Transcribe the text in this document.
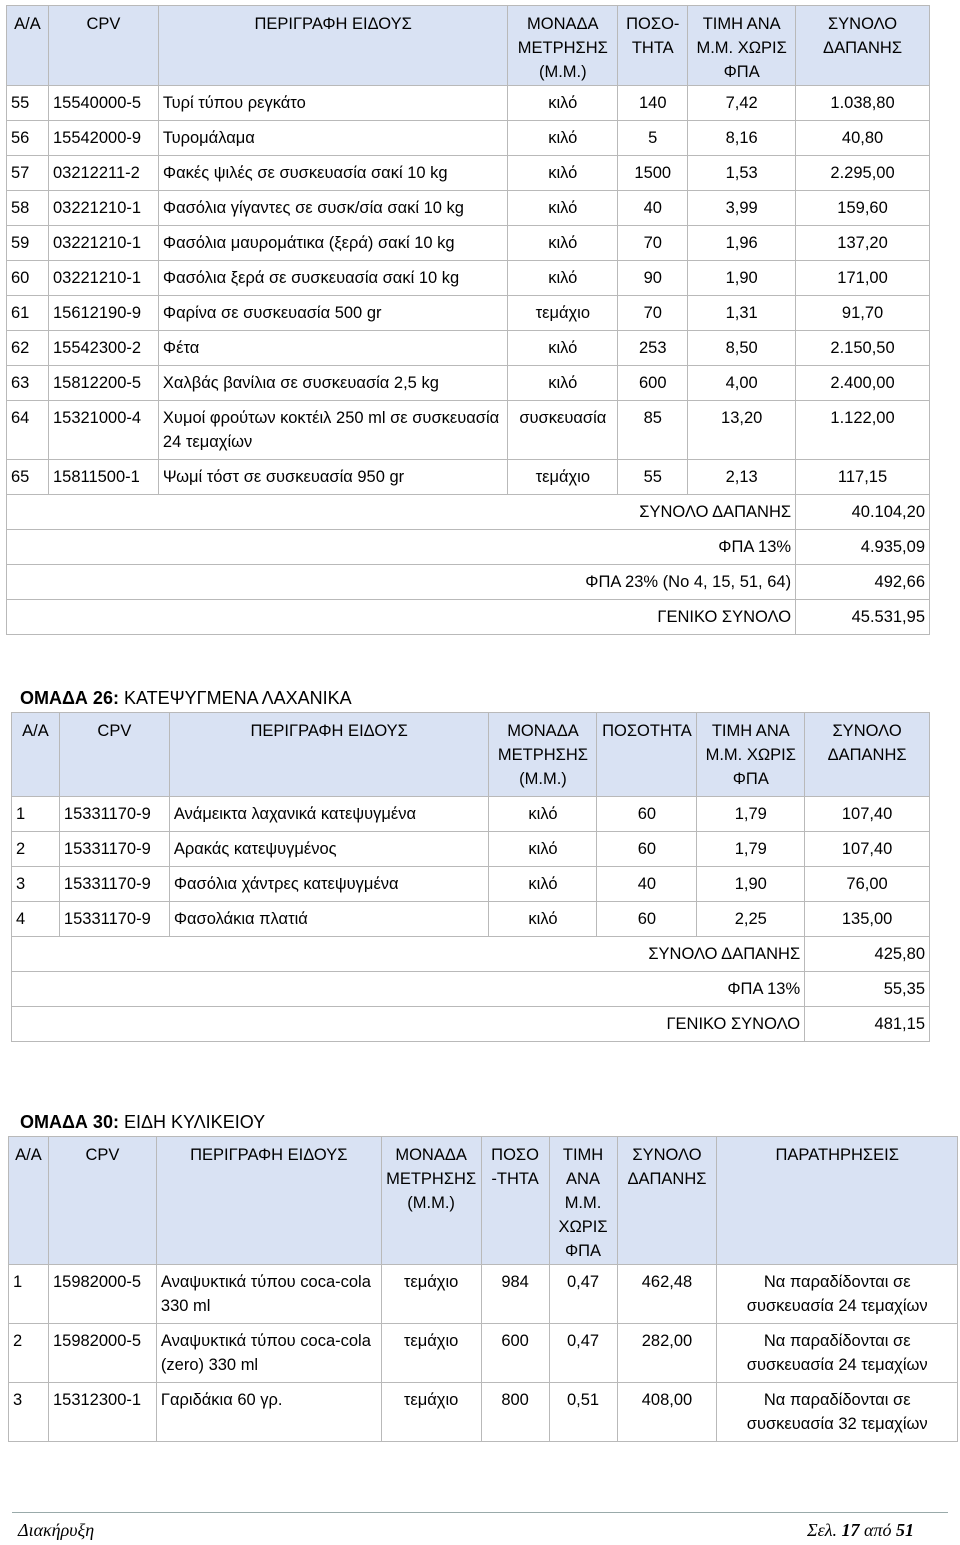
Α/Α	CPV	ΠΕΡΙΓΡΑΦΗ ΕΙΔΟΥΣ	ΜΟΝΑΔΑ ΜΕΤΡΗΣΗΣ (Μ.Μ.)	ΠΟΣΟ-ΤΗΤΑ	ΤΙΜΗ ΑΝΑ Μ.Μ. ΧΩΡΙΣ ΦΠΑ	ΣΥΝΟΛΟ ΔΑΠΑΝΗΣ
55	15540000-5	Τυρί τύπου ρεγκάτο	κιλό	140	7,42	1.038,80
56	15542000-9	Τυρομάλαμα	κιλό	5	8,16	40,80
57	03212211-2	Φακές ψιλές σε συσκευασία σακί 10 kg	κιλό	1500	1,53	2.295,00
58	03221210-1	Φασόλια γίγαντες σε συσκ/σία σακί 10 kg	κιλό	40	3,99	159,60
59	03221210-1	Φασόλια μαυρομάτικα (ξερά) σακί 10 kg	κιλό	70	1,96	137,20
60	03221210-1	Φασόλια ξερά σε συσκευασία σακί 10 kg	κιλό	90	1,90	171,00
61	15612190-9	Φαρίνα σε συσκευασία 500 gr	τεμάχιο	70	1,31	91,70
62	15542300-2	Φέτα	κιλό	253	8,50	2.150,50
63	15812200-5	Χαλβάς βανίλια σε συσκευασία 2,5 kg	κιλό	600	4,00	2.400,00
64	15321000-4	Χυμοί φρούτων κοκτέιλ 250 ml σε συσκευασία 24 τεμαχίων	συσκευασία	85	13,20	1.122,00
65	15811500-1	Ψωμί τόστ σε συσκευασία 950 gr	τεμάχιο	55	2,13	117,15
ΣΥΝΟΛΟ ΔΑΠΑΝΗΣ						40.104,20
ΦΠΑ 13%						4.935,09
ΦΠΑ 23% (Νο 4, 15, 51, 64)						492,66
ΓΕΝΙΚΟ ΣΥΝΟΛΟ						45.531,95
ΟΜΑΔΑ 26: ΚΑΤΕΨΥΓΜΕΝΑ ΛΑΧΑΝΙΚΑ
Α/Α	CPV	ΠΕΡΙΓΡΑΦΗ ΕΙΔΟΥΣ	ΜΟΝΑΔΑ ΜΕΤΡΗΣΗΣ (Μ.Μ.)	ΠΟΣΟΤΗΤΑ	ΤΙΜΗ ΑΝΑ Μ.Μ. ΧΩΡΙΣ ΦΠΑ	ΣΥΝΟΛΟ ΔΑΠΑΝΗΣ
1	15331170-9	Ανάμεικτα λαχανικά κατεψυγμένα	κιλό	60	1,79	107,40
2	15331170-9	Αρακάς κατεψυγμένος	κιλό	60	1,79	107,40
3	15331170-9	Φασόλια χάντρες κατεψυγμένα	κιλό	40	1,90	76,00
4	15331170-9	Φασολάκια πλατιά	κιλό	60	2,25	135,00
ΣΥΝΟΛΟ ΔΑΠΑΝΗΣ						425,80
ΦΠΑ 13%						55,35
ΓΕΝΙΚΟ ΣΥΝΟΛΟ						481,15
ΟΜΑΔΑ 30: ΕΙΔΗ ΚΥΛΙΚΕΙΟΥ
Α/Α	CPV	ΠΕΡΙΓΡΑΦΗ ΕΙΔΟΥΣ	ΜΟΝΑΔΑ ΜΕΤΡΗΣΗΣ (Μ.Μ.)	ΠΟΣΟ -ΤΗΤΑ	ΤΙΜΗ ΑΝΑ Μ.Μ. ΧΩΡΙΣ ΦΠΑ	ΣΥΝΟΛΟ ΔΑΠΑΝΗΣ	ΠΑΡΑΤΗΡΗΣΕΙΣ
1	15982000-5	Αναψυκτικά τύπου coca-cola 330 ml	τεμάχιο	984	0,47	462,48	Να παραδίδονται σε συσκευασία 24 τεμαχίων
2	15982000-5	Αναψυκτικά τύπου coca-cola (zero) 330 ml	τεμάχιο	600	0,47	282,00	Να παραδίδονται σε συσκευασία 24 τεμαχίων
3	15312300-1	Γαριδάκια 60 γρ.	τεμάχιο	800	0,51	408,00	Να παραδίδονται σε συσκευασία 32 τεμαχίων
Διακήρυξη	Σελ. 17 από 51
